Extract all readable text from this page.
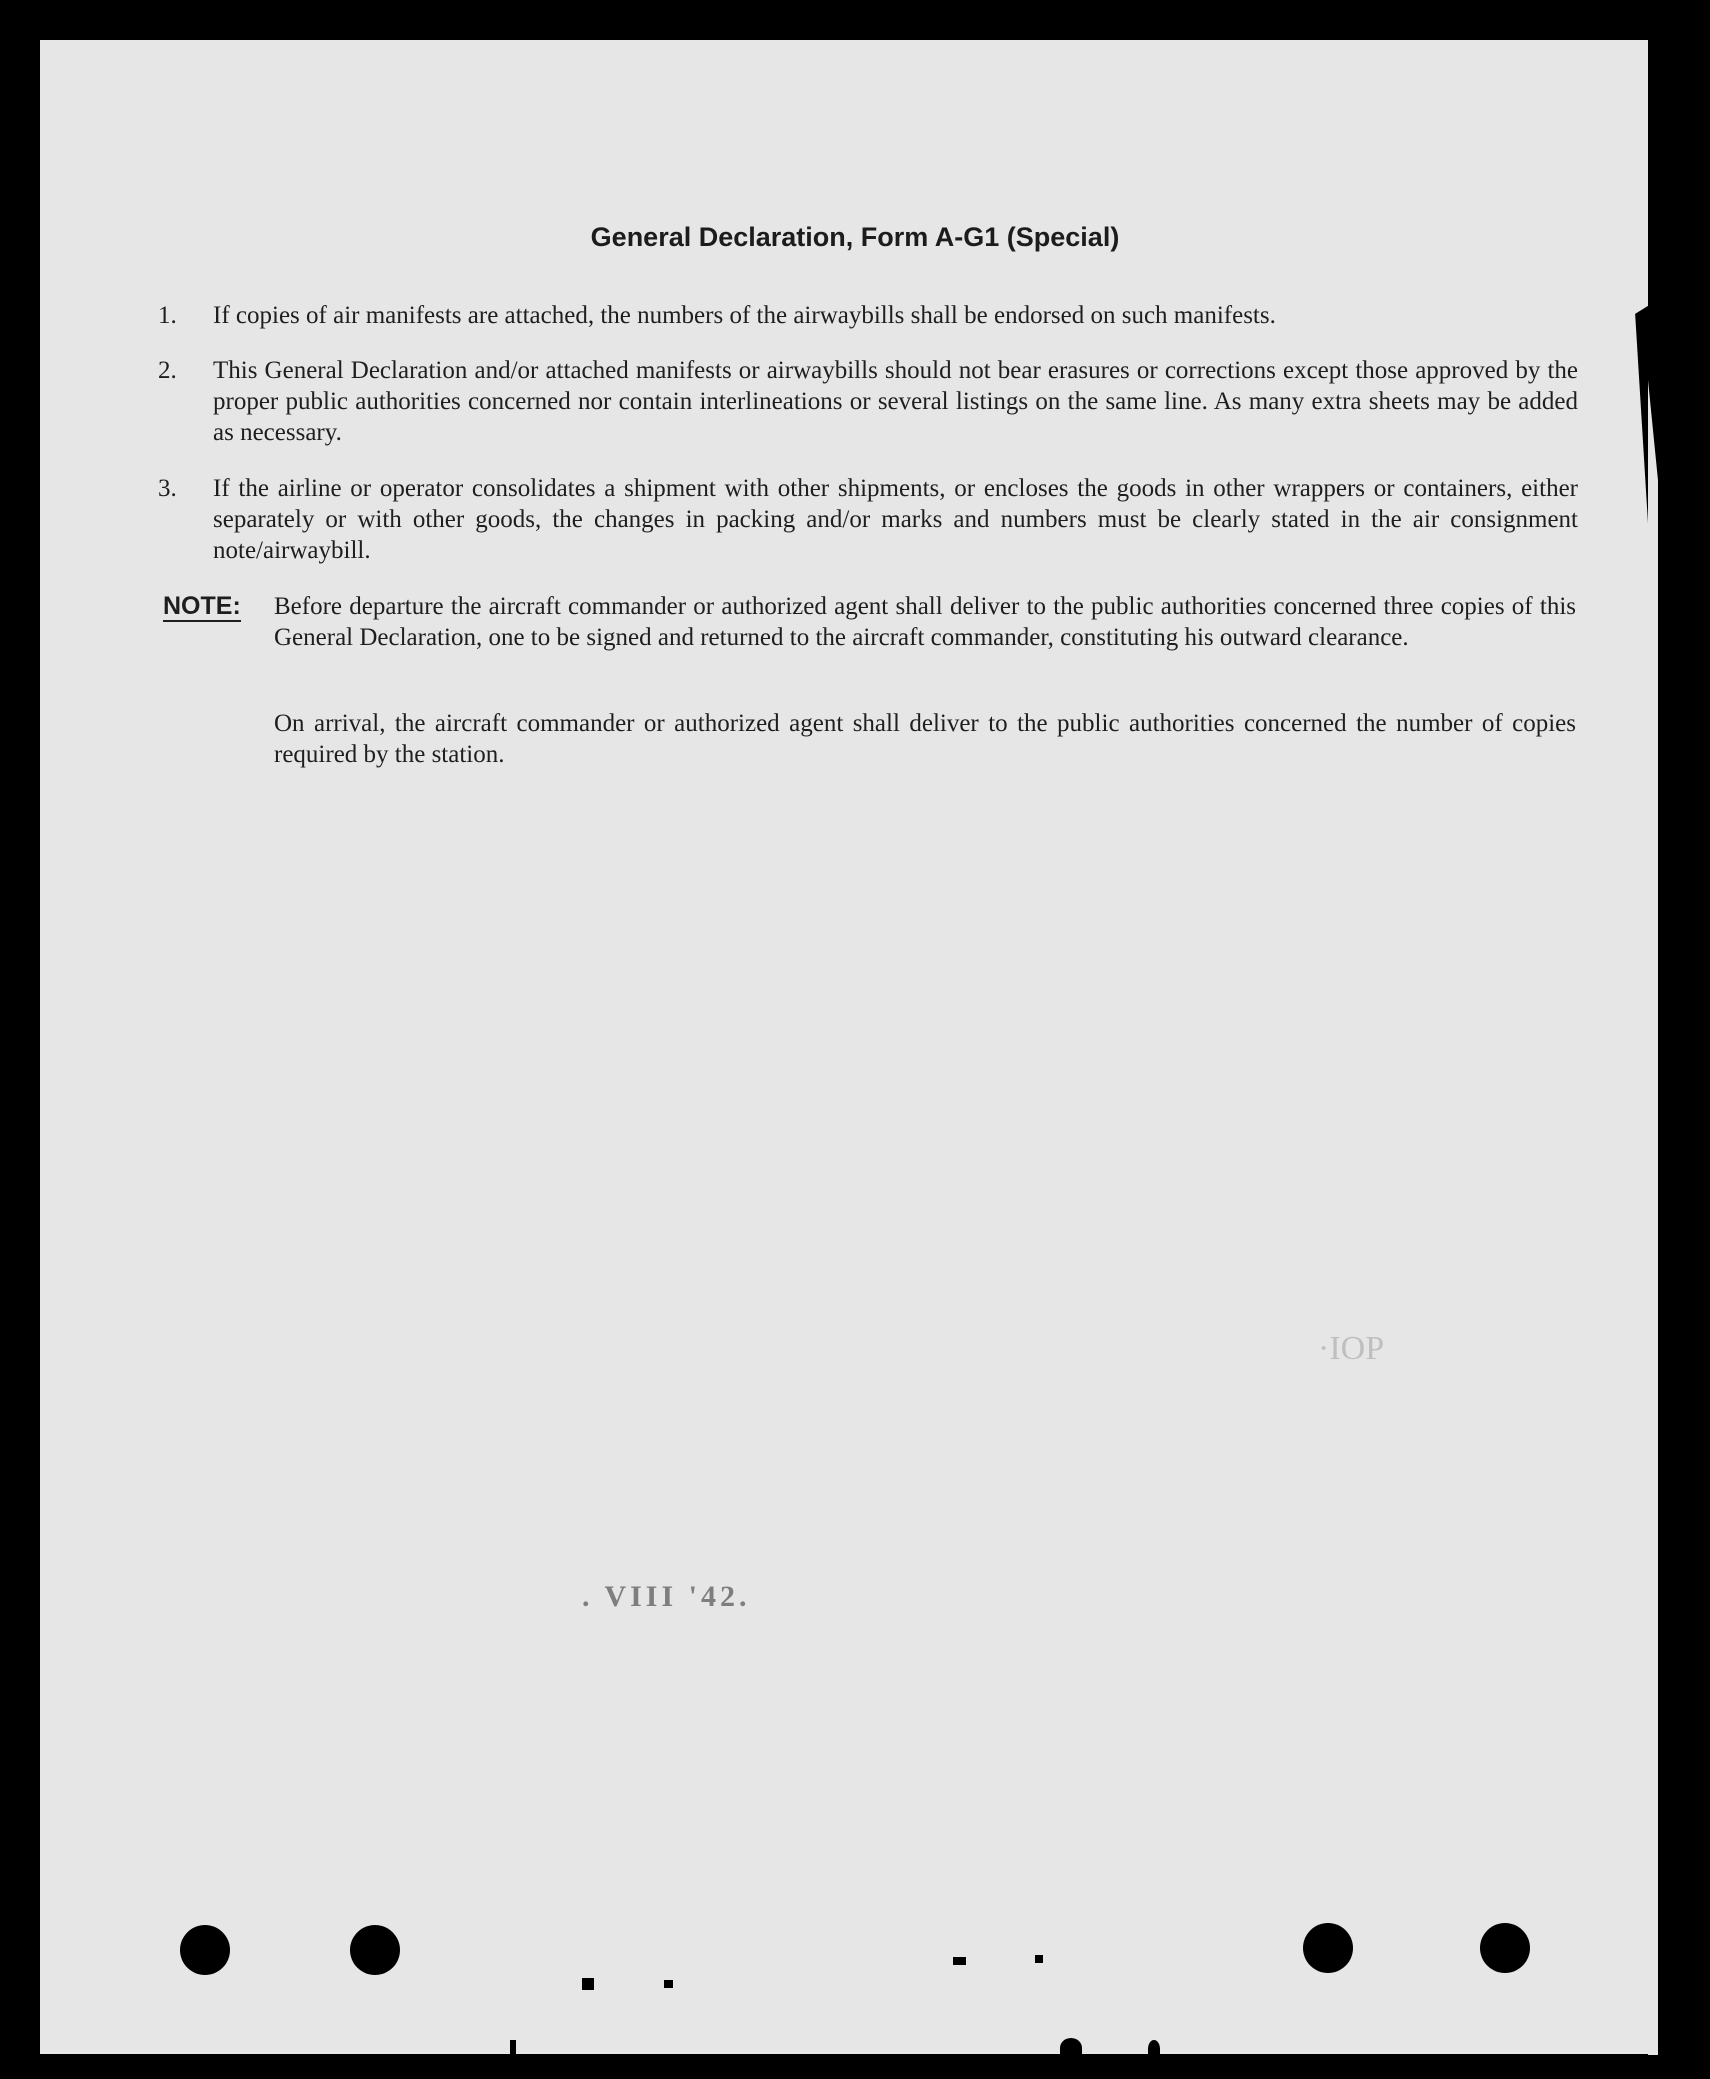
General Declaration, Form A-G1 (Special)
1.	If copies of air manifests are attached, the numbers of the airwaybills shall be endorsed on such manifests.
2.	This General Declaration and/or attached manifests or airwaybills should not bear erasures or corrections except those approved by the proper public authorities concerned nor contain interlineations or several listings on the same line. As many extra sheets may be added as necessary.
3.	If the airline or operator consolidates a shipment with other shipments, or encloses the goods in other wrappers or containers, either separately or with other goods, the changes in packing and/or marks and numbers must be clearly stated in the air consignment note/airwaybill.
NOTE: Before departure the aircraft commander or authorized agent shall deliver to the public authorities concerned three copies of this General Declaration, one to be signed and returned to the aircraft commander, constituting his outward clearance.
On arrival, the aircraft commander or authorized agent shall deliver to the public authorities concerned the number of copies required by the station.
. VIII '42.
·IOP
